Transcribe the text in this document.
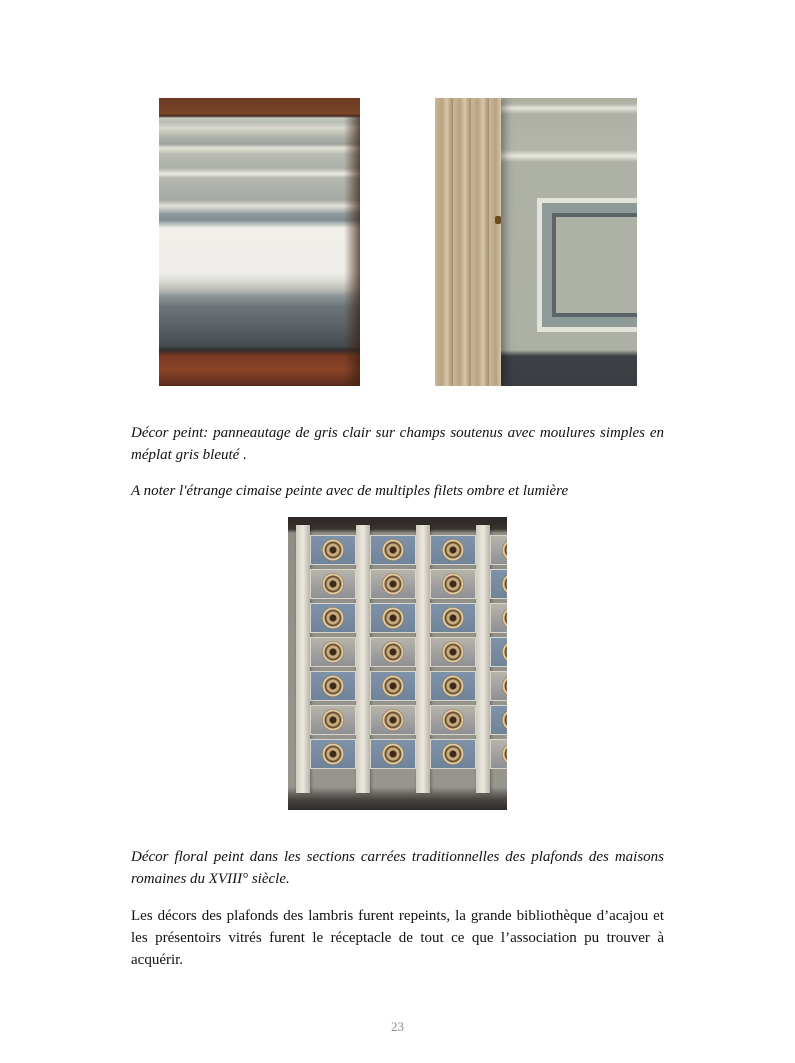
Décor peint: panneautage de gris clair sur champs soutenus avec moulures simples en méplat gris bleuté .

A noter l'étrange cimaise peinte avec de multiples filets ombre et lumière

Décor floral peint dans les sections carrées traditionnelles des plafonds des maisons romaines du XVIII° siècle.

Les décors des plafonds des lambris furent repeints, la grande bibliothèque d’acajou et les présentoirs vitrés furent le réceptacle de tout ce que l’association pu trouver à acquérir.

23
